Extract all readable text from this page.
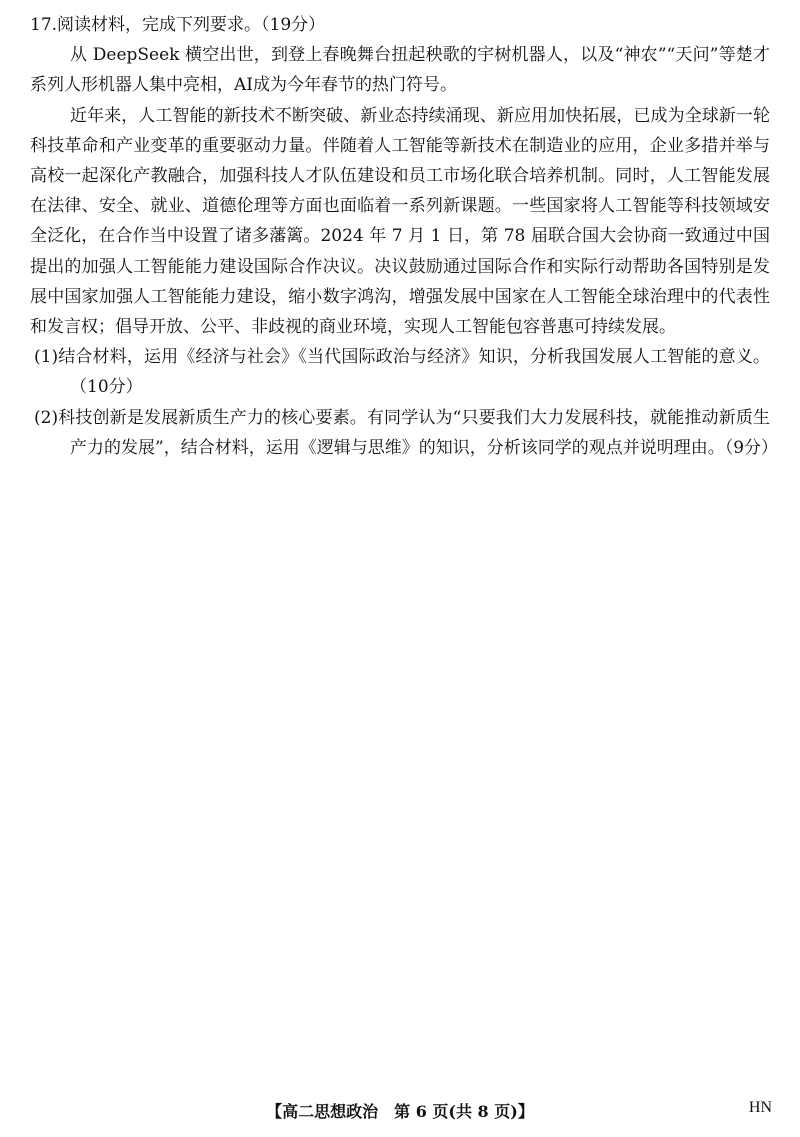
17.阅读材料，完成下列要求。（19分）

从 DeepSeek 横空出世，到登上春晚舞台扭起秧歌的宇树机器人，以及“神农”“天问”等楚才系列人形机器人集中亮相，AI成为今年春节的热门符号。

近年来，人工智能的新技术不断突破、新业态持续涌现、新应用加快拓展，已成为全球新一轮科技革命和产业变革的重要驱动力量。伴随着人工智能等新技术在制造业的应用，企业多措并举与高校一起深化产教融合，加强科技人才队伍建设和员工市场化联合培养机制。同时，人工智能发展在法律、安全、就业、道德伦理等方面也面临着一系列新课题。一些国家将人工智能等科技领域安全泛化，在合作当中设置了诸多藩篱。2024 年 7 月 1 日，第 78 届联合国大会协商一致通过中国提出的加强人工智能能力建设国际合作决议。决议鼓励通过国际合作和实际行动帮助各国特别是发展中国家加强人工智能能力建设，缩小数字鸿沟，增强发展中国家在人工智能全球治理中的代表性和发言权；倡导开放、公平、非歧视的商业环境，实现人工智能包容普惠可持续发展。

(1)结合材料，运用《经济与社会》《当代国际政治与经济》知识，分析我国发展人工智能的意义。（10分）

(2)科技创新是发展新质生产力的核心要素。有同学认为“只要我们大力发展科技，就能推动新质生产力的发展”，结合材料，运用《逻辑与思维》的知识，分析该同学的观点并说明理由。（9分）

【高二思想政治　第 6 页(共 8 页)】	HN
